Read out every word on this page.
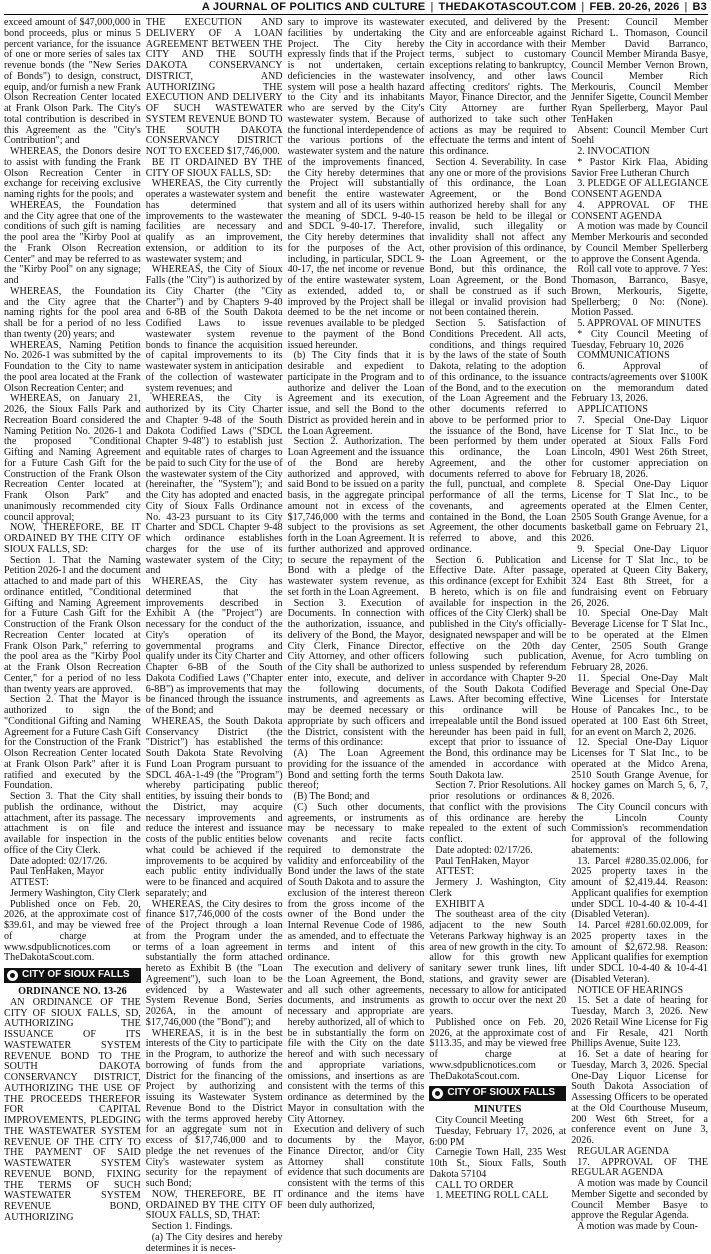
A JOURNAL OF POLITICS AND CULTURE | THEDAKOTASCOUT.COM | FEB. 20-26, 2026 | B3

exceed amount of $47,000,000 in bond proceeds, plus or minus 5 percent variance, for the issuance of one or more series of sales tax revenue bonds (the "New Series of Bonds") to design, construct, equip, and/or furnish a new Frank Olson Recreation Center located at Frank Olson Park. The City's total contribution is described in this Agreement as the "City's Contribution"; and

WHEREAS, the Donors desire to assist with funding the Frank Olson Recreation Center in exchange for receiving exclusive naming rights for the pools; and

WHEREAS, the Foundation and the City agree that one of the conditions of such gift is naming the pool area the "Kirby Pool at the Frank Olson Recreation Center" and may be referred to as the "Kirby Pool" on any signage; and

WHEREAS, the Foundation and the City agree that the naming rights for the pool area shall be for a period of no less than twenty (20) years; and

WHEREAS, Naming Petition No. 2026-1 was submitted by the Foundation to the City to name the pool area located at the Frank Olson Recreation Center; and

WHEREAS, on January 21, 2026, the Sioux Falls Park and Recreation Board considered the Naming Petition No. 2026-1 and the proposed "Conditional Gifting and Naming Agreement for a Future Cash Gift for the Construction of the Frank Olson Recreation Center located at Frank Olson Park" and unanimously recommended city council approval;

NOW, THEREFORE, BE IT ORDAINED BY THE CITY OF SIOUX FALLS, SD:

Section 1. That the Naming Petition 2026-1 and the document attached to and made part of this ordinance entitled, "Conditional Gifting and Naming Agreement for a Future Cash Gift for the Construction of the Frank Olson Recreation Center located at Frank Olson Park," referring to the pool area as the "Kirby Pool at the Frank Olson Recreation Center," for a period of no less than twenty years are approved.

Section 2. That the Mayor is authorized to sign the "Conditional Gifting and Naming Agreement for a Future Cash Gift for the Construction of the Frank Olson Recreation Center located at Frank Olson Park" after it is ratified and executed by the Foundation.

Section 3. That the City shall publish the ordinance, without attachment, after its passage. The attachment is on file and available for inspection in the office of the City Clerk.

Date adopted: 02/17/26.

Paul TenHaken, Mayor

ATTEST:

Jermery Washington, City Clerk

Published once on Feb. 20, 2026, at the approximate cost of $39.61, and may be viewed free of charge at www.sdpublicnotices.com or TheDakotaScout.com.

CITY OF SIOUX FALLS

ORDINANCE NO. 13-26

AN ORDINANCE OF THE CITY OF SIOUX FALLS, SD, AUTHORIZING THE ISSUANCE OF ITS WASTEWATER SYSTEM REVENUE BOND TO THE SOUTH DAKOTA CONSERVANCY DISTRICT, AUTHORIZING THE USE OF THE PROCEEDS THEREFOR FOR CAPITAL IMPROVEMENTS, PLEDGING THE WASTEWATER SYSTEM REVENUE OF THE CITY TO THE PAYMENT OF SAID WASTEWATER SYSTEM REVENUE BOND, FIXING THE TERMS OF SUCH WASTEWATER SYSTEM REVENUE BOND, AUTHORIZING

THE EXECUTION AND DELIVERY OF A LOAN AGREEMENT BETWEEN THE CITY AND THE SOUTH DAKOTA CONSERVANCY DISTRICT, AND AUTHORIZING THE EXECUTION AND DELIVERY OF SUCH WASTEWATER SYSTEM REVENUE BOND TO THE SOUTH DAKOTA CONSERVANCY DISTRICT NOT TO EXCEED $17,746,000.

BE IT ORDAINED BY THE CITY OF SIOUX FALLS, SD:

WHEREAS, the City currently operates a wastewater system and has determined that improvements to the wastewater facilities are necessary and qualify as an improvement, extension, or addition to its wastewater system; and

WHEREAS, the City of Sioux Falls (the "City") is authorized by its City Charter (the "City Charter") and by Chapters 9-40 and 6-8B of the South Dakota Codified Laws to issue wastewater system revenue bonds to finance the acquisition of capital improvements to its wastewater system in anticipation of the collection of wastewater system revenues; and

WHEREAS, the City is authorized by its City Charter and Chapter 9-48 of the South Dakota Codified Laws ("SDCL Chapter 9-48") to establish just and equitable rates of charges to be paid to such City for the use of the wastewater system of the City (hereinafter, the "System"); and the City has adopted and enacted City of Sioux Falls Ordinance No. 43-23 pursuant to its City Charter and SDCL Chapter 9-48 which ordinance establishes charges for the use of its wastewater system of the City; and

WHEREAS, the City has determined that the improvements described in Exhibit A (the "Project") are necessary for the conduct of the City's operation of its governmental programs and qualify under its City Charter and Chapter 6-8B of the South Dakota Codified Laws ("Chapter 6-8B") as improvements that may be financed through the issuance of the Bond; and

WHEREAS, the South Dakota Conservancy District (the "District") has established the South Dakota State Revolving Fund Loan Program pursuant to SDCL 46A-1-49 (the "Program") whereby participating public entities, by issuing their bonds to the District, may acquire necessary improvements and reduce the interest and issuance costs of the public entities below what could be achieved if the improvements to be acquired by each public entity individually were to be financed and acquired separately; and

WHEREAS, the City desires to finance $17,746,000 of the costs of the Project through a loan from the Program under the terms of a loan agreement in substantially the form attached hereto as Exhibit B (the "Loan Agreement"), such loan to be evidenced by a Wastewater System Revenue Bond, Series 2026A, in the amount of $17,746,000 (the "Bond"); and

WHEREAS, it is in the best interests of the City to participate in the Program, to authorize the borrowing of funds from the District for the financing of the Project by authorizing and issuing its Wastewater System Revenue Bond to the District with the terms approved hereby for an aggregate sum not in excess of $17,746,000 and to pledge the net revenues of the City's wastewater system as security for the repayment of such Bond;

NOW, THEREFORE, BE IT ORDAINED BY THE CITY OF SIOUX FALLS, SD, THAT:

Section 1. Findings.

(a) The City desires and hereby determines it is neces-

sary to improve its wastewater facilities by undertaking the Project. The City hereby expressly finds that if the Project is not undertaken, certain deficiencies in the wastewater system will pose a health hazard to the City and its inhabitants who are served by the City's wastewater system. Because of the functional interdependence of the various portions of the wastewater system and the nature of the improvements financed, the City hereby determines that the Project will substantially benefit the entire wastewater system and all of its users within the meaning of SDCL 9-40-15 and SDCL 9-40-17. Therefore, the City hereby determines that for the purposes of the Act, including, in particular, SDCL 9-40-17, the net income or revenue of the entire wastewater system, as extended, added to, or improved by the Project shall be deemed to be the net income or revenues available to be pledged to the payment of the Bond issued hereunder.

(b) The City finds that it is desirable and expedient to participate in the Program and to authorize and deliver the Loan Agreement and its execution, issue, and sell the Bond to the District as provided herein and in the Loan Agreement.

Section 2. Authorization. The Loan Agreement and the issuance of the Bond are hereby authorized and approved, with said Bond to be issued on a parity basis, in the aggregate principal amount not in excess of the $17,746,000 with the terms and subject to the provisions as set forth in the Loan Agreement. It is further authorized and approved to secure the repayment of the Bond with a pledge of the wastewater system revenue, as set forth in the Loan Agreement.

Section 3. Execution of Documents. In connection with the authorization, issuance, and delivery of the Bond, the Mayor, City Clerk, Finance Director, City Attorney, and other officers of the City shall be authorized to enter into, execute, and deliver the following documents, instruments, and agreements as may be deemed necessary or appropriate by such officers and the District, consistent with the terms of this ordinance:

(A) The Loan Agreement providing for the issuance of the Bond and setting forth the terms thereof;

(B) The Bond; and

(C) Such other documents, agreements, or instruments as may be necessary to make covenants and recite facts required to demonstrate the validity and enforceability of the Bond under the laws of the state of South Dakota and to assure the exclusion of the interest thereon from the gross income of the owner of the Bond under the Internal Revenue Code of 1986, as amended, and to effectuate the terms and intent of this ordinance.

The execution and delivery of the Loan Agreement, the Bond, and all such other agreements, documents, and instruments as necessary and appropriate are hereby authorized, all of which to be in substantially the form on file with the City on the date hereof and with such necessary and appropriate variations, omissions, and insertions as are consistent with the terms of this ordinance as determined by the Mayor in consultation with the City Attorney.

Execution and delivery of such documents by the Mayor, Finance Director, and/or City Attorney shall constitute evidence that such documents are consistent with the terms of this ordinance and the items have been duly authorized,

executed, and delivered by the City and are enforceable against the City in accordance with their terms, subject to customary exceptions relating to bankruptcy, insolvency, and other laws affecting creditors' rights. The Mayor, Finance Director, and the City Attorney are further authorized to take such other actions as may be required to effectuate the terms and intent of this ordinance.

Section 4. Severability. In case any one or more of the provisions of this ordinance, the Loan Agreement, or the Bond authorized hereby shall for any reason be held to be illegal or invalid, such illegality or invalidity shall not affect any other provision of this ordinance, the Loan Agreement, or the Bond, but this ordinance, the Loan Agreement, or the Bond shall be construed as if such illegal or invalid provision had not been contained therein.

Section 5. Satisfaction of Conditions Precedent. All acts, conditions, and things required by the laws of the state of South Dakota, relating to the adoption of this ordinance, to the issuance of the Bond, and to the execution of the Loan Agreement and the other documents referred to above to be performed prior to the issuance of the Bond, have been performed by them under this ordinance, the Loan Agreement, and the other documents referred to above for the full, punctual, and complete performance of all the terms, covenants, and agreements contained in the Bond, the Loan Agreement, the other documents referred to above, and this ordinance.

Section 6. Publication and Effective Date. After passage, this ordinance (except for Exhibit B hereto, which is on file and available for inspection in the offices of the City Clerk) shall be published in the City's officially-designated newspaper and will be effective on the 20th day following such publication, unless suspended by referendum in accordance with Chapter 9-20 of the South Dakota Codified Laws. After becoming effective, this ordinance will be irrepealable until the Bond issued hereunder has been paid in full, except that prior to issuance of the Bond, this ordinance may be amended in accordance with South Dakota law.

Section 7. Prior Resolutions. All prior resolutions or ordinances that conflict with the provisions of this ordinance are hereby repealed to the extent of such conflict.

Date adopted: 02/17/26.

Paul TenHaken, Mayor

ATTEST:

Jermery J. Washington, City Clerk

EXHIBIT A

The southeast area of the city adjacent to the new South Veterans Parkway highway is an area of new growth in the city. To allow for this growth new sanitary sewer trunk lines, lift stations, and gravity sewer are necessary to allow for anticipated growth to occur over the next 20 years.

Published once on Feb. 20, 2026, at the approximate cost of $113.35, and may be viewed free of charge at www.sdpublicnotices.com or TheDakotaScout.com.

CITY OF SIOUX FALLS

MINUTES

City Council Meeting

Tuesday, February 17, 2026, at 6:00 PM

Carnegie Town Hall, 235 West 10th St., Sioux Falls, South Dakota 57104

CALL TO ORDER

1. MEETING ROLL CALL

Present: Council Member Richard L. Thomason, Council Member David Barranco, Council Member Miranda Basye, Council Member Vernon Brown, Council Member Rich Merkouris, Council Member Jennifer Sigette, Council Member Ryan Spellerberg, Mayor Paul TenHaken

Absent: Council Member Curt Soehl

2. INVOCATION

* Pastor Kirk Flaa, Abiding Savior Free Lutheran Church

3. PLEDGE OF ALLEGIANCE CONSENT AGENDA

4. APPROVAL OF THE CONSENT AGENDA

A motion was made by Council Member Merkouris and seconded by Council Member Spellerberg to approve the Consent Agenda.

Roll call vote to approve. 7 Yes: Thomason, Barranco, Basye, Brown, Merkouris, Sigette, Spellerberg; 0 No: (None). Motion Passed.

5. APPROVAL OF MINUTES

* City Council Meeting of Tuesday, February 10, 2026

COMMUNICATIONS

6. Approval of contracts/agreements over $100K on the memorandum dated February 13, 2026.

APPLICATIONS

7. Special One-Day Liquor License for T Slat Inc., to be operated at Sioux Falls Ford Lincoln, 4901 West 26th Street, for customer appreciation on February 18, 2026.

8. Special One-Day Liquor License for T Slat Inc., to be operated at the Elmen Center, 2505 South Grange Avenue, for a basketball game on February 21, 2026.

9. Special One-Day Liquor License for T Slat Inc., to be operated at Queen City Bakery, 324 East 8th Street, for a fundraising event on February 26, 2026.

10. Special One-Day Malt Beverage License for T Slat Inc., to be operated at the Elmen Center, 2505 South Grange Avenue, for Acro tumbling on February 28, 2026.

11. Special One-Day Malt Beverage and Special One-Day Wine Licenses for Interstate House of Pancakes Inc., to be operated at 100 East 6th Street, for an event on March 2, 2026.

12. Special One-Day Liquor Licenses for T Slat Inc., to be operated at the Midco Arena, 2510 South Grange Avenue, for hockey games on March 5, 6, 7, & 8, 2026.

The City Council concurs with the Lincoln County Commission's recommendation for approval of the following abatements:

13. Parcel #280.35.02.006, for 2025 property taxes in the amount of $2,419.44. Reason: Applicant qualifies for exemption under SDCL 10-4-40 & 10-4-41 (Disabled Veteran).

14. Parcel #281.60.02.009, for 2025 property taxes in the amount of $2,672.98. Reason: Applicant qualifies for exemption under SDCL 10-4-40 & 10-4-41 (Disabled Veteran).

NOTICE OF HEARINGS

15. Set a date of hearing for Tuesday, March 3, 2026. New 2026 Retail Wine License for Fig and Fir Resale, 421 North Phillips Avenue, Suite 123.

16. Set a date of hearing for Tuesday, March 3, 2026. Special One-Day Liquor License for South Dakota Association of Assessing Officers to be operated at the Old Courthouse Museum, 200 West 6th Street, for a conference event on June 3, 2026.

REGULAR AGENDA

17. APPROVAL OF THE REGULAR AGENDA

A motion was made by Council Member Sigette and seconded by Council Member Basye to approve the Regular Agenda.

A motion was made by Coun-
